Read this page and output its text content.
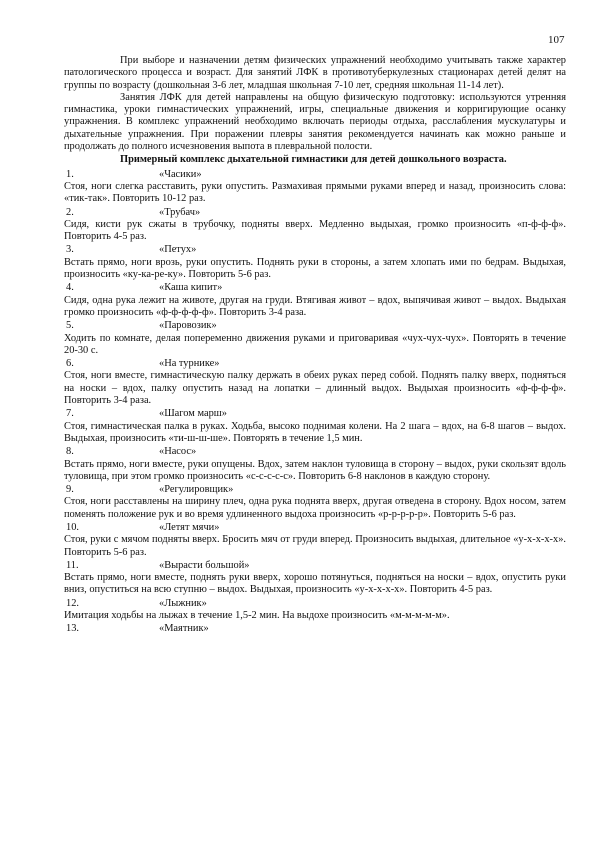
107

При выборе и назначении детям физических упражнений необходимо учитывать также характер патологического процесса и возраст. Для занятий ЛФК в противотуберкулезных стационарах детей делят на группы по возрасту (дошкольная 3-6 лет, младшая школьная 7-10 лет, средняя школьная 11-14 лет).

Занятия ЛФК для детей направлены на общую физическую подготовку: используются утренняя гимнастика, уроки гимнастических упражнений, игры, специальные движения и корригирующие осанку упражнения. В комплекс упражнений необходимо включать периоды отдыха, расслабления мускулатуры и дыхательные упражнения. При поражении плевры занятия рекомендуется начинать как можно раньше и продолжать до полного исчезновения выпота в плевральной полости.

Примерный комплекс дыхательной гимнастики для детей дошкольного возраста.

1.	«Часики»

Стоя, ноги слегка расставить, руки опустить. Размахивая прямыми руками вперед и назад, произносить слова: «тик-так». Повторить 10-12 раз.

2.	«Трубач»

Сидя, кисти рук сжаты в трубочку, подняты вверх. Медленно выдыхая, громко произносить «п-ф-ф-ф». Повторить 4-5 раз.

3.	«Петух»

Встать прямо, ноги врозь, руки опустить. Поднять руки в стороны, а затем хлопать ими по бедрам. Выдыхая, произносить «ку-ка-ре-ку». Повторить 5-6 раз.

4.	«Каша кипит»

Сидя, одна рука лежит на животе, другая на груди. Втягивая живот – вдох, выпячивая живот – выдох. Выдыхая громко произносить «ф-ф-ф-ф-ф». Повторить 3-4 раза.

5.	«Паровозик»

Ходить по комнате, делая попеременно движения руками и приговаривая «чух-чух-чух». Повторять в течение 20-30 с.

6.	«На турнике»

Стоя, ноги вместе, гимнастическую палку держать в обеих руках перед собой. Поднять палку вверх, подняться на носки – вдох, палку опустить назад на лопатки – длинный выдох. Выдыхая произносить «ф-ф-ф-ф». Повторить 3-4 раза.

7.	«Шагом марш»

Стоя, гимнастическая палка в руках. Ходьба, высоко поднимая колени. На 2 шага – вдох, на 6-8 шагов – выдох. Выдыхая, произносить «ти-ш-ш-ше». Повторять в течение 1,5 мин.

8.	«Насос»

Встать прямо, ноги вместе, руки опущены. Вдох, затем наклон туловища в сторону – выдох, руки скользят вдоль туловища, при этом громко произносить «с-с-с-с-с». Повторить 6-8 наклонов в каждую сторону.

9.	«Регулировщик»

Стоя, ноги расставлены на ширину плеч, одна рука поднята вверх, другая отведена в сторону. Вдох носом, затем поменять положение рук и во время удлиненного выдоха произносить «р-р-р-р-р». Повторить 5-6 раз.

10.	«Летят мячи»

Стоя, руки с мячом подняты вверх. Бросить мяч от груди вперед. Произносить выдыхая, длительное «у-х-х-х-х». Повторить 5-6 раз.

11.	«Вырасти большой»

Встать прямо, ноги вместе, поднять руки вверх, хорошо потянуться, подняться на носки – вдох, опустить руки вниз, опуститься на всю ступню – выдох. Выдыхая, произносить «у-х-х-х-х». Повторить 4-5 раз.

12.	«Лыжник»

Имитация ходьбы на лыжах в течение 1,5-2 мин. На выдохе произносить «м-м-м-м-м».

13.	«Маятник»
